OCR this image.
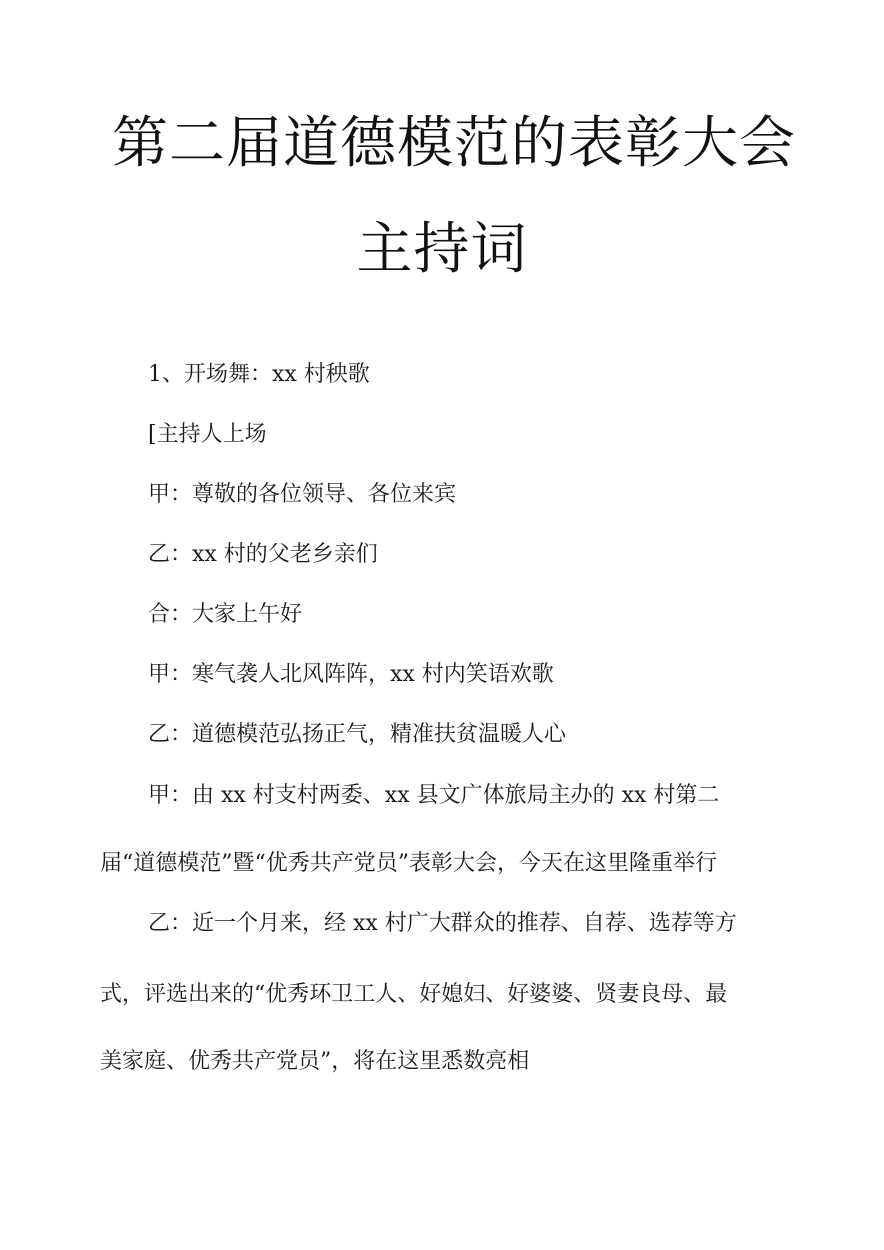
第二届道德模范的表彰大会
主持词
1、开场舞：xx 村秧歌
[主持人上场
甲：尊敬的各位领导、各位来宾
乙：xx 村的父老乡亲们
合：大家上午好
甲：寒气袭人北风阵阵，xx 村内笑语欢歌
乙：道德模范弘扬正气，精准扶贫温暖人心
甲：由 xx 村支村两委、xx 县文广体旅局主办的 xx 村第二
届“道德模范”暨“优秀共产党员”表彰大会，今天在这里隆重举行
乙：近一个月来，经 xx 村广大群众的推荐、自荐、选荐等方
式，评选出来的“优秀环卫工人、好媳妇、好婆婆、贤妻良母、最
美家庭、优秀共产党员”，将在这里悉数亮相
